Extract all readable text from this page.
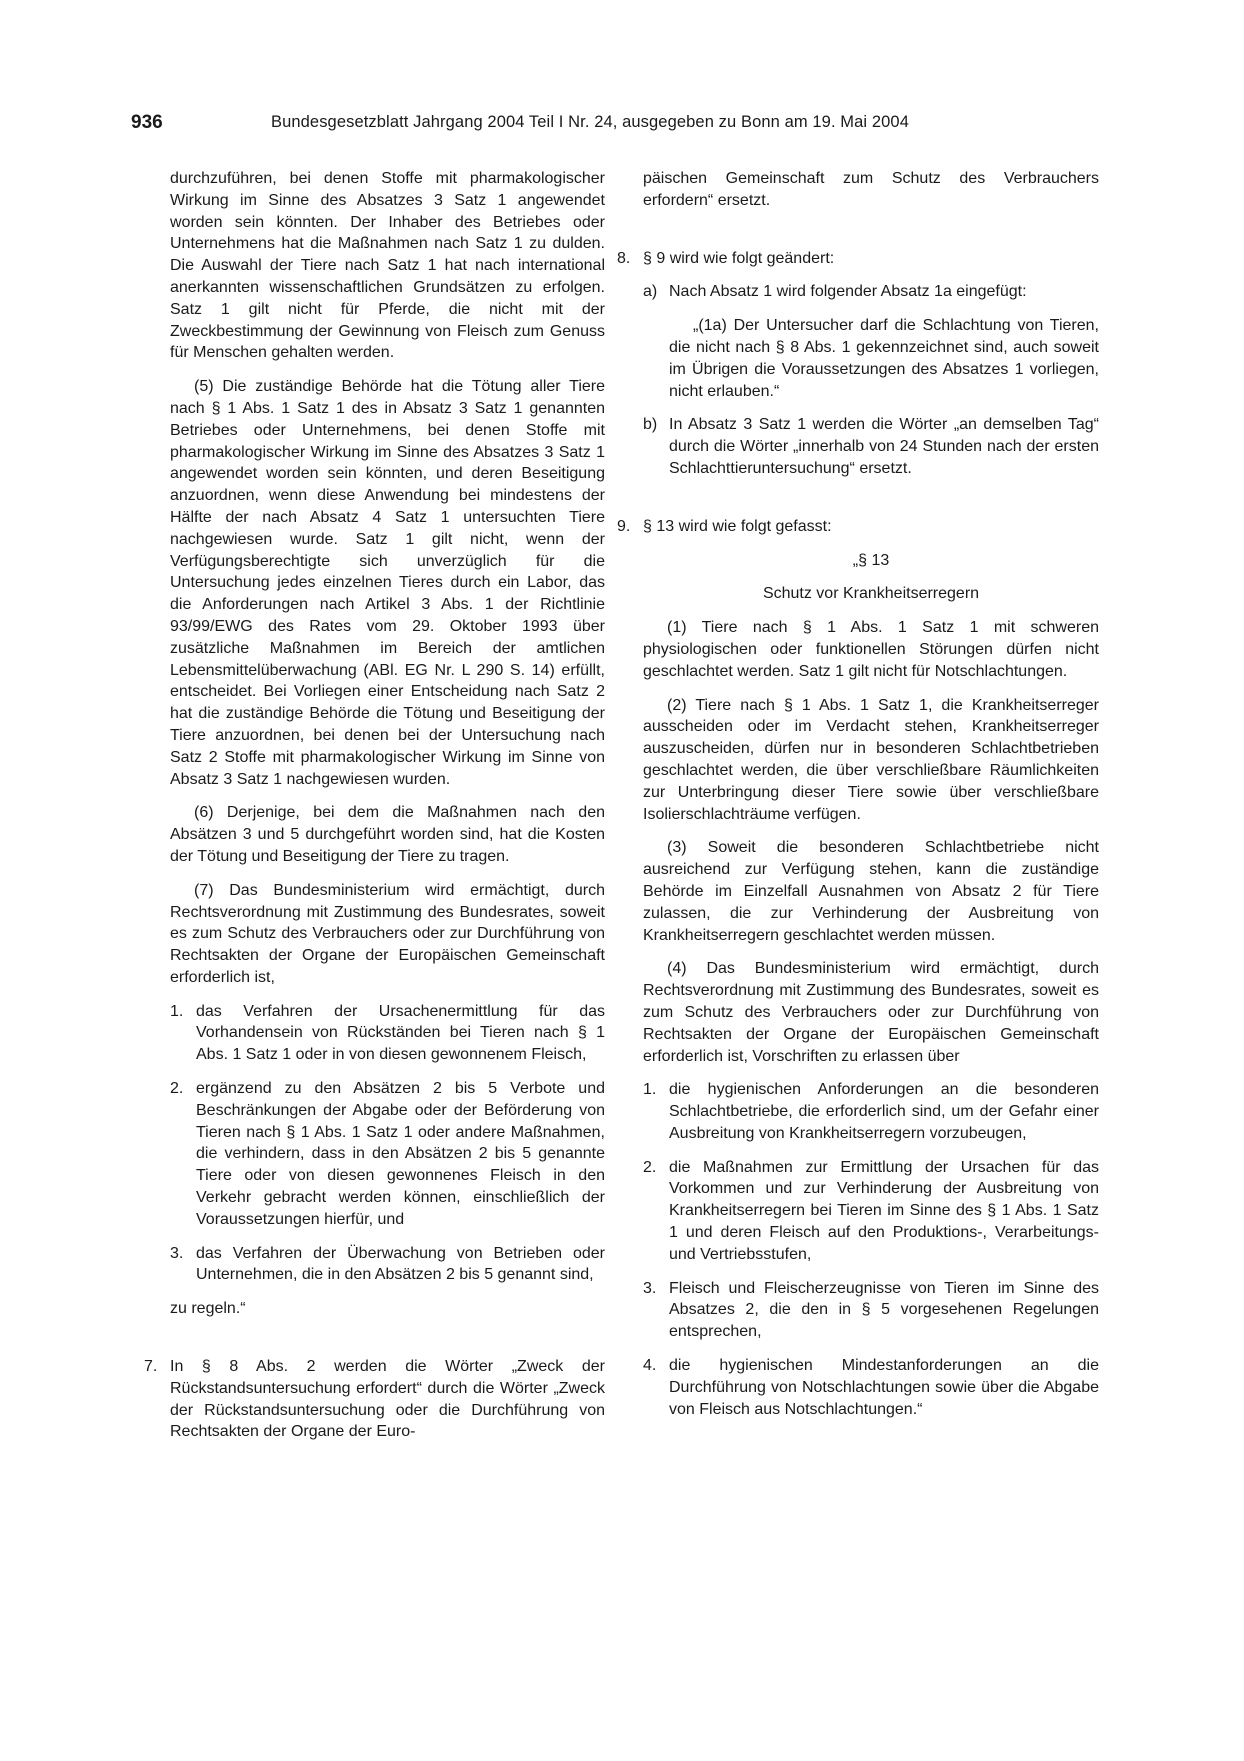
936	Bundesgesetzblatt Jahrgang 2004 Teil I Nr. 24, ausgegeben zu Bonn am 19. Mai 2004

durchzuführen, bei denen Stoffe mit pharmakologischer Wirkung im Sinne des Absatzes 3 Satz 1 angewendet worden sein könnten. Der Inhaber des Betriebes oder Unternehmens hat die Maßnahmen nach Satz 1 zu dulden. Die Auswahl der Tiere nach Satz 1 hat nach international anerkannten wissenschaftlichen Grundsätzen zu erfolgen. Satz 1 gilt nicht für Pferde, die nicht mit der Zweckbestimmung der Gewinnung von Fleisch zum Genuss für Menschen gehalten werden.

(5) Die zuständige Behörde hat die Tötung aller Tiere nach § 1 Abs. 1 Satz 1 des in Absatz 3 Satz 1 genannten Betriebes oder Unternehmens, bei denen Stoffe mit pharmakologischer Wirkung im Sinne des Absatzes 3 Satz 1 angewendet worden sein könnten, und deren Beseitigung anzuordnen, wenn diese Anwendung bei mindestens der Hälfte der nach Absatz 4 Satz 1 untersuchten Tiere nachgewiesen wurde. Satz 1 gilt nicht, wenn der Verfügungsberechtigte sich unverzüglich für die Untersuchung jedes einzelnen Tieres durch ein Labor, das die Anforderungen nach Artikel 3 Abs. 1 der Richtlinie 93/99/EWG des Rates vom 29. Oktober 1993 über zusätzliche Maßnahmen im Bereich der amtlichen Lebensmittelüberwachung (ABl. EG Nr. L 290 S. 14) erfüllt, entscheidet. Bei Vorliegen einer Entscheidung nach Satz 2 hat die zuständige Behörde die Tötung und Beseitigung der Tiere anzuordnen, bei denen bei der Untersuchung nach Satz 2 Stoffe mit pharmakologischer Wirkung im Sinne von Absatz 3 Satz 1 nachgewiesen wurden.

(6) Derjenige, bei dem die Maßnahmen nach den Absätzen 3 und 5 durchgeführt worden sind, hat die Kosten der Tötung und Beseitigung der Tiere zu tragen.

(7) Das Bundesministerium wird ermächtigt, durch Rechtsverordnung mit Zustimmung des Bundesrates, soweit es zum Schutz des Verbrauchers oder zur Durchführung von Rechtsakten der Organe der Europäischen Gemeinschaft erforderlich ist,

1. das Verfahren der Ursachenermittlung für das Vorhandensein von Rückständen bei Tieren nach § 1 Abs. 1 Satz 1 oder in von diesen gewonnenem Fleisch,
2. ergänzend zu den Absätzen 2 bis 5 Verbote und Beschränkungen der Abgabe oder der Beförderung von Tieren nach § 1 Abs. 1 Satz 1 oder andere Maßnahmen, die verhindern, dass in den Absätzen 2 bis 5 genannte Tiere oder von diesen gewonnenes Fleisch in den Verkehr gebracht werden können, einschließlich der Voraussetzungen hierfür, und
3. das Verfahren der Überwachung von Betrieben oder Unternehmen, die in den Absätzen 2 bis 5 genannt sind,

zu regeln.“

7. In § 8 Abs. 2 werden die Wörter „Zweck der Rückstandsuntersuchung erfordert“ durch die Wörter „Zweck der Rückstandsuntersuchung oder die Durchführung von Rechtsakten der Organe der Euro-

päischen Gemeinschaft zum Schutz des Verbrauchers erfordern“ ersetzt.

8. § 9 wird wie folgt geändert:

a) Nach Absatz 1 wird folgender Absatz 1a eingefügt:

„(1a) Der Untersucher darf die Schlachtung von Tieren, die nicht nach § 8 Abs. 1 gekennzeichnet sind, auch soweit im Übrigen die Voraussetzungen des Absatzes 1 vorliegen, nicht erlauben.“

b) In Absatz 3 Satz 1 werden die Wörter „an demselben Tag“ durch die Wörter „innerhalb von 24 Stunden nach der ersten Schlachttieruntersuchung“ ersetzt.
9. § 13 wird wie folgt gefasst:

„§ 13

Schutz vor Krankheitserregern

(1) Tiere nach § 1 Abs. 1 Satz 1 mit schweren physiologischen oder funktionellen Störungen dürfen nicht geschlachtet werden. Satz 1 gilt nicht für Notschlachtungen.

(2) Tiere nach § 1 Abs. 1 Satz 1, die Krankheitserreger ausscheiden oder im Verdacht stehen, Krankheitserreger auszuscheiden, dürfen nur in besonderen Schlachtbetrieben geschlachtet werden, die über verschließbare Räumlichkeiten zur Unterbringung dieser Tiere sowie über verschließbare Isolierschlachträume verfügen.

(3) Soweit die besonderen Schlachtbetriebe nicht ausreichend zur Verfügung stehen, kann die zuständige Behörde im Einzelfall Ausnahmen von Absatz 2 für Tiere zulassen, die zur Verhinderung der Ausbreitung von Krankheitserregern geschlachtet werden müssen.

(4) Das Bundesministerium wird ermächtigt, durch Rechtsverordnung mit Zustimmung des Bundesrates, soweit es zum Schutz des Verbrauchers oder zur Durchführung von Rechtsakten der Organe der Europäischen Gemeinschaft erforderlich ist, Vorschriften zu erlassen über

1. die hygienischen Anforderungen an die besonderen Schlachtbetriebe, die erforderlich sind, um der Gefahr einer Ausbreitung von Krankheitserregern vorzubeugen,
2. die Maßnahmen zur Ermittlung der Ursachen für das Vorkommen und zur Verhinderung der Ausbreitung von Krankheitserregern bei Tieren im Sinne des § 1 Abs. 1 Satz 1 und deren Fleisch auf den Produktions-, Verarbeitungs- und Vertriebsstufen,
3. Fleisch und Fleischerzeugnisse von Tieren im Sinne des Absatzes 2, die den in § 5 vorgesehenen Regelungen entsprechen,
4. die hygienischen Mindestanforderungen an die Durchführung von Notschlachtungen sowie über die Abgabe von Fleisch aus Notschlachtungen.“
